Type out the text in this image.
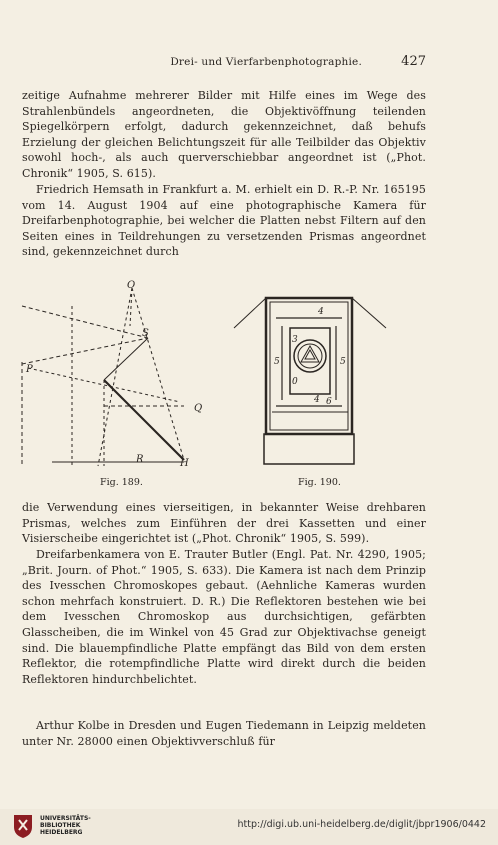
Drei- und Vierfarbenphotographie.	427

zeitige Aufnahme mehrerer Bilder mit Hilfe eines im Wege des Strahlenbündels angeordneten, die Objektivöffnung teilenden Spiegelkörpern erfolgt, dadurch gekennzeichnet, daß behufs Erzielung der gleichen Belichtungszeit für alle Teilbilder das Objektiv sowohl hoch-, als auch querverschiebbar angeordnet ist („Phot. Chronik“ 1905, S. 615).

Friedrich Hemsath in Frankfurt a. M. erhielt ein D. R.-P. Nr. 165195 vom 14. August 1904 auf eine photographische Kamera für Dreifarbenphotographie, bei welcher die Platten nebst Filtern auf den Seiten eines in Teildrehungen zu versetzenden Prismas angeordnet sind, gekennzeichnet durch

O
S
P
Q
R	H
Fig. 189.
4
5	5
3
0
4 6
Fig. 190.

die Verwendung eines vierseitigen, in bekannter Weise drehbaren Prismas, welches zum Einführen der drei Kassetten und einer Visierscheibe eingerichtet ist („Phot. Chronik“ 1905, S. 599).

Dreifarbenkamera von E. Trauter Butler (Engl. Pat. Nr. 4290, 1905; „Brit. Journ. of Phot.“ 1905, S. 633). Die Kamera ist nach dem Prinzip des Ivesschen Chromoskopes gebaut. (Aehnliche Kameras wurden schon mehrfach konstruiert. D. R.) Die Reflektoren bestehen wie bei dem Ivesschen Chromoskop aus durchsichtigen, gefärbten Glasscheiben, die im Winkel von 45 Grad zur Objektivachse geneigt sind. Die blauempfindliche Platte empfängt das Bild von dem ersten Reflektor, die rotempfindliche Platte wird direkt durch die beiden Reflektoren hindurchbelichtet.

Arthur Kolbe in Dresden und Eugen Tiedemann in Leipzig meldeten unter Nr. 28000 einen Objektivverschluß für

UNIVERSITÄTS-
BIBLIOTHEK
HEIDELBERG
http://digi.ub.uni-heidelberg.de/diglit/jbpr1906/0442
